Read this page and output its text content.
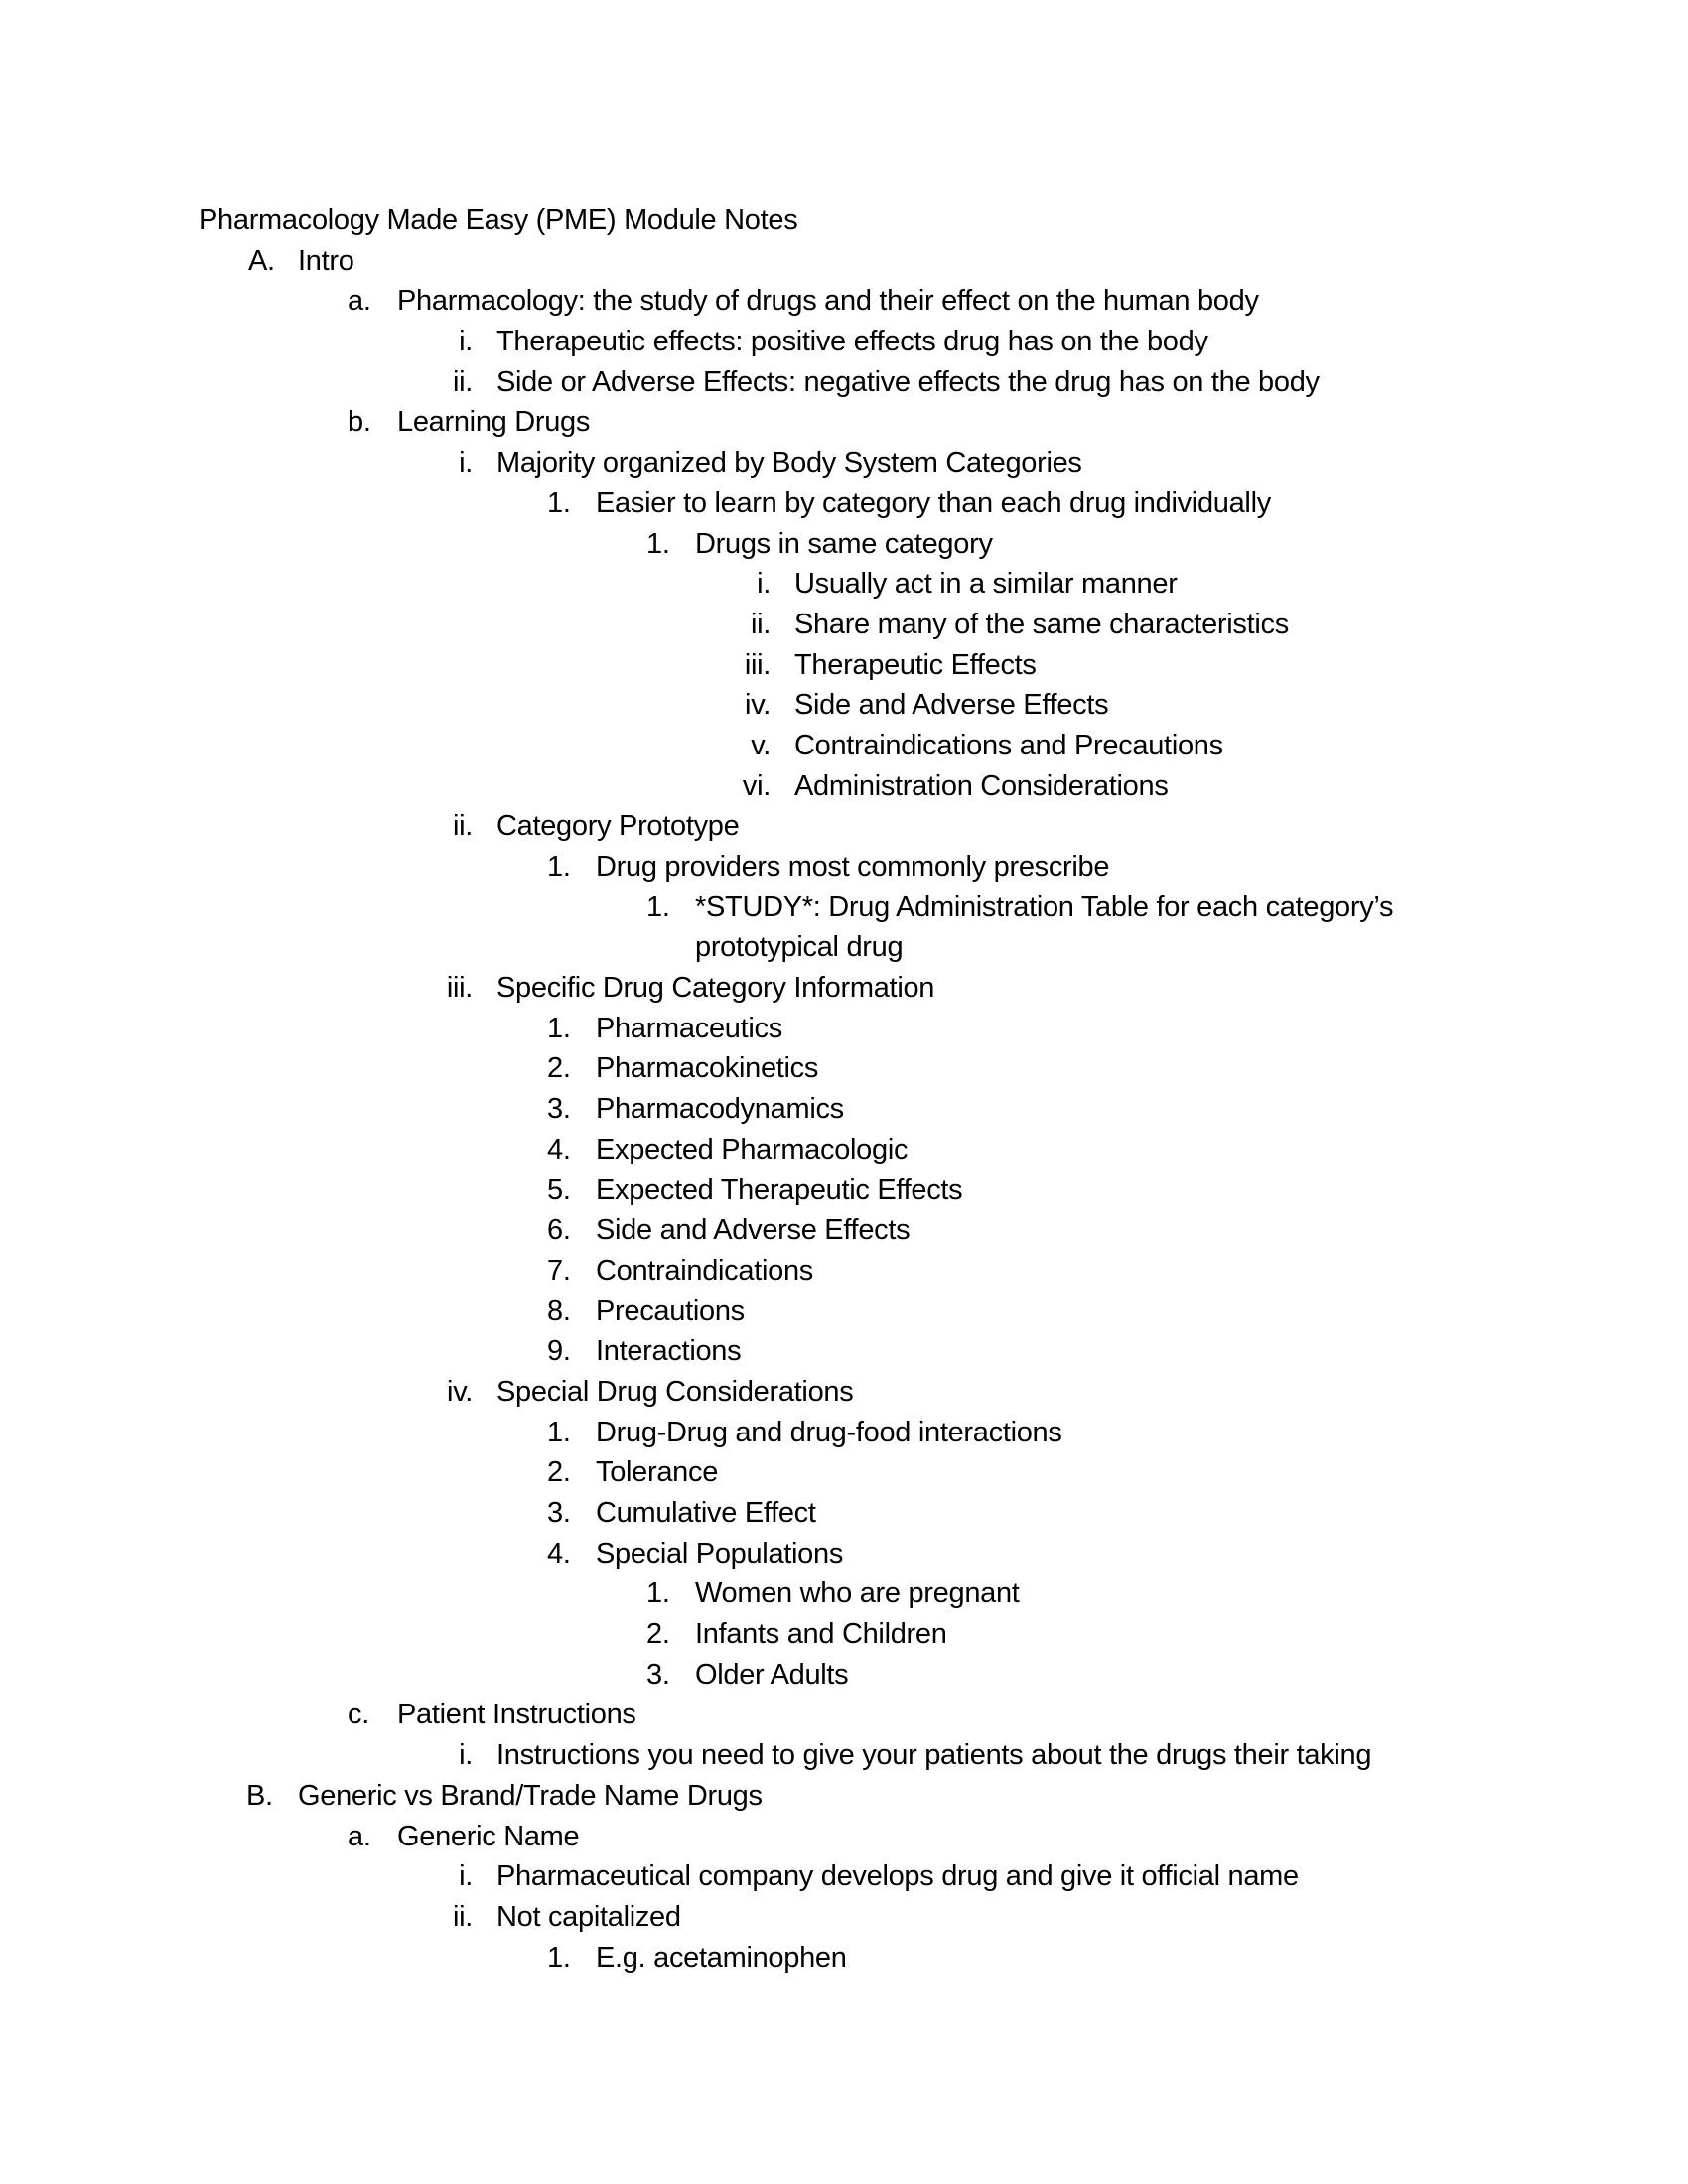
Pharmacology Made Easy (PME) Module Notes
A. Intro
a. Pharmacology: the study of drugs and their effect on the human body
i. Therapeutic effects: positive effects drug has on the body
ii. Side or Adverse Effects: negative effects the drug has on the body
b. Learning Drugs
i. Majority organized by Body System Categories
1. Easier to learn by category than each drug individually
1. Drugs in same category
i. Usually act in a similar manner
ii. Share many of the same characteristics
iii. Therapeutic Effects
iv. Side and Adverse Effects
v. Contraindications and Precautions
vi. Administration Considerations
ii. Category Prototype
1. Drug providers most commonly prescribe
1. *STUDY*: Drug Administration Table for each category’s
prototypical drug
iii. Specific Drug Category Information
1. Pharmaceutics
2. Pharmacokinetics
3. Pharmacodynamics
4. Expected Pharmacologic
5. Expected Therapeutic Effects
6. Side and Adverse Effects
7. Contraindications
8. Precautions
9. Interactions
iv. Special Drug Considerations
1. Drug-Drug and drug-food interactions
2. Tolerance
3. Cumulative Effect
4. Special Populations
1. Women who are pregnant
2. Infants and Children
3. Older Adults
c. Patient Instructions
i. Instructions you need to give your patients about the drugs their taking
B. Generic vs Brand/Trade Name Drugs
a. Generic Name
i. Pharmaceutical company develops drug and give it official name
ii. Not capitalized
1. E.g. acetaminophen
